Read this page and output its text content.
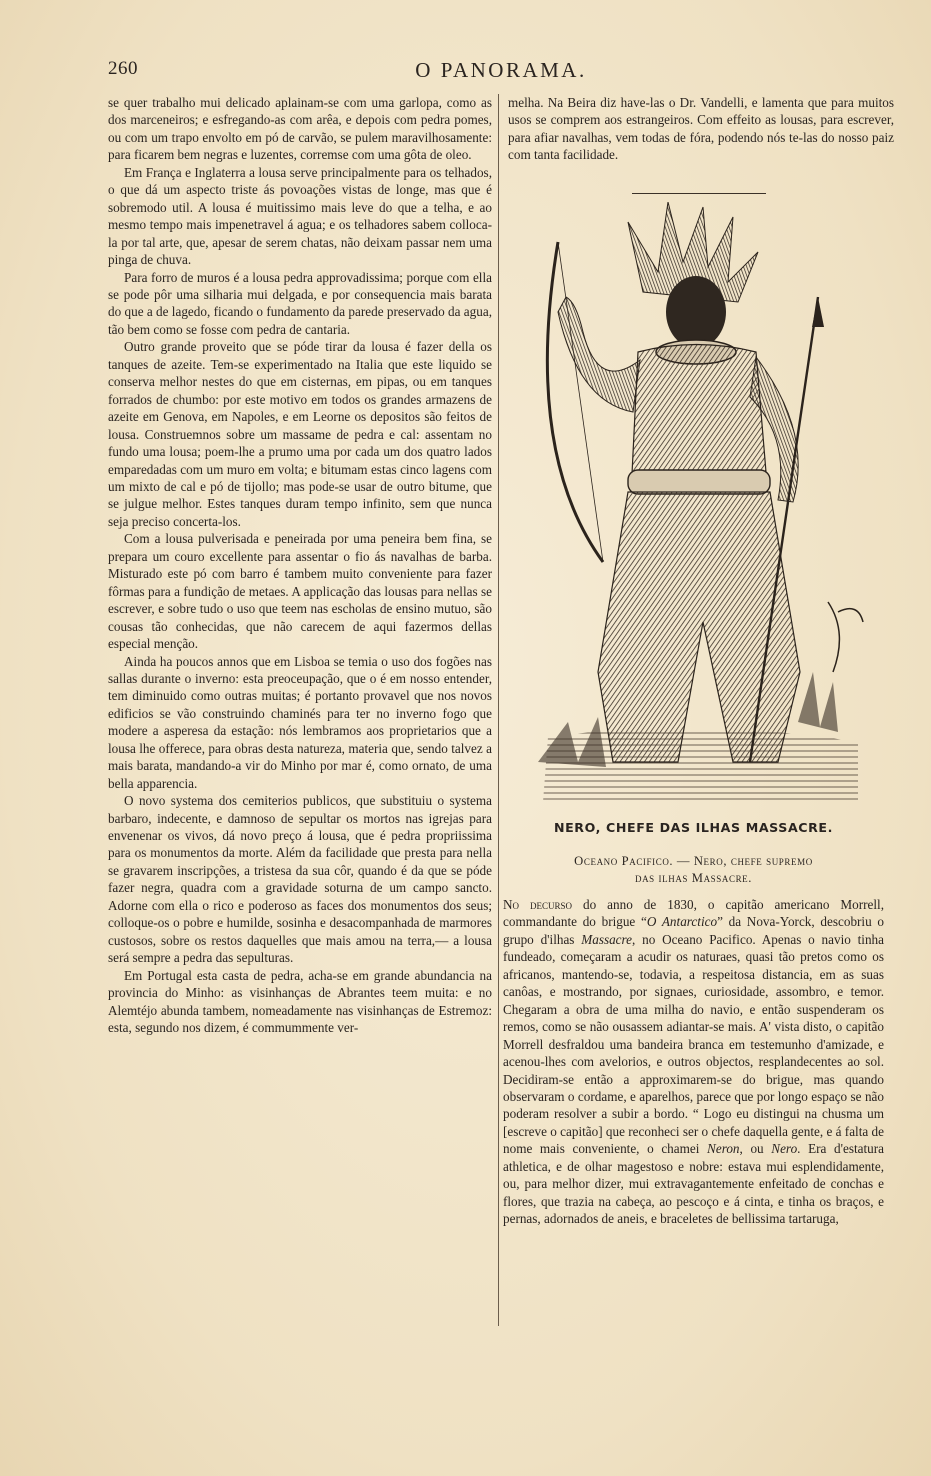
260	O PANORAMA.

se quer trabalho mui delicado aplainam-se com uma garlopa, como as dos marceneiros; e esfregando-as com arêa, e depois com pedra pomes, ou com um trapo envolto em pó de carvão, se pulem maravilhosamente: para ficarem bem negras e luzentes, corremse com uma gôta de oleo.

Em França e Inglaterra a lousa serve principalmente para os telhados, o que dá um aspecto triste ás povoações vistas de longe, mas que é sobremodo util. A lousa é muitissimo mais leve do que a telha, e ao mesmo tempo mais impenetravel á agua; e os telhadores sabem colloca-la por tal arte, que, apesar de serem chatas, não deixam passar nem uma pinga de chuva.

Para forro de muros é a lousa pedra approvadissima; porque com ella se pode pôr uma silharia mui delgada, e por consequencia mais barata do que a de lagedo, ficando o fundamento da parede preservado da agua, tão bem como se fosse com pedra de cantaria.

Outro grande proveito que se póde tirar da lousa é fazer della os tanques de azeite. Tem-se experimentado na Italia que este liquido se conserva melhor nestes do que em cisternas, em pipas, ou em tanques forrados de chumbo: por este motivo em todos os grandes armazens de azeite em Genova, em Napoles, e em Leorne os depositos são feitos de lousa. Construemnos sobre um massame de pedra e cal: assentam no fundo uma lousa; poem-lhe a prumo uma por cada um dos quatro lados emparedadas com um muro em volta; e bitumam estas cinco lagens com um mixto de cal e pó de tijollo; mas pode-se usar de outro bitume, que se julgue melhor. Estes tanques duram tempo infinito, sem que nunca seja preciso concerta-los.

Com a lousa pulverisada e peneirada por uma peneira bem fina, se prepara um couro excellente para assentar o fio ás navalhas de barba. Misturado este pó com barro é tambem muito conveniente para fazer fôrmas para a fundição de metaes. A applicação das lousas para nellas se escrever, e sobre tudo o uso que teem nas escholas de ensino mutuo, são cousas tão conhecidas, que não carecem de aqui fazermos dellas especial menção.

Ainda ha poucos annos que em Lisboa se temia o uso dos fogões nas sallas durante o inverno: esta preoceupação, que o é em nosso entender, tem diminuido como outras muitas; é portanto provavel que nos novos edificios se vão construindo chaminés para ter no inverno fogo que modere a asperesa da estação: nós lembramos aos proprietarios que a lousa lhe offerece, para obras desta natureza, materia que, sendo talvez a mais barata, mandando-a vir do Minho por mar é, como ornato, de uma bella apparencia.

O novo systema dos cemiterios publicos, que substituiu o systema barbaro, indecente, e damnoso de sepultar os mortos nas igrejas para envenenar os vivos, dá novo preço á lousa, que é pedra propriissima para os monumentos da morte. Além da facilidade que presta para nella se gravarem inscripções, a tristesa da sua côr, quando é da que se póde fazer negra, quadra com a gravidade soturna de um campo sancto. Adorne com ella o rico e poderoso as faces dos monumentos dos seus; colloque-os o pobre e humilde, sosinha e desacompanhada de marmores custosos, sobre os restos daquelles que mais amou na terra,— a lousa será sempre a pedra das sepulturas.

Em Portugal esta casta de pedra, acha-se em grande abundancia na provincia do Minho: as visinhanças de Abrantes teem muita: e no Alemtéjo abunda tambem, nomeadamente nas visinhanças de Estremoz: esta, segundo nos dizem, é commummente ver-

melha. Na Beira diz have-las o Dr. Vandelli, e lamenta que para muitos usos se comprem aos estrangeiros. Com effeito as lousas, para escrever, para afiar navalhas, vem todas de fóra, podendo nós te-las do nosso paiz com tanta facilidade.

NERO, CHEFE DAS ILHAS MASSACRE.
Oceano Pacifico. — Nero, chefe supremo
das ilhas Massacre.

No decurso do anno de 1830, o capitão americano Morrell, commandante do brigue “O Antarctico” da Nova-Yorck, descobriu o grupo d'ilhas Massacre, no Oceano Pacifico. Apenas o navio tinha fundeado, começaram a acudir os naturaes, quasi tão pretos como os africanos, mantendo-se, todavia, a respeitosa distancia, em as suas canôas, e mostrando, por signaes, curiosidade, assombro, e temor. Chegaram a obra de uma milha do navio, e então suspenderam os remos, como se não ousassem adiantar-se mais. A' vista disto, o capitão Morrell desfraldou uma bandeira branca em testemunho d'amizade, e acenou-lhes com avelorios, e outros objectos, resplandecentes ao sol. Decidiram-se então a approximarem-se do brigue, mas quando observaram o cordame, e aparelhos, parece que por longo espaço se não poderam resolver a subir a bordo. “ Logo eu distingui na chusma um [escreve o capitão] que reconheci ser o chefe daquella gente, e á falta de nome mais conveniente, o chamei Neron, ou Nero. Era d'estatura athletica, e de olhar magestoso e nobre: estava mui esplendidamente, ou, para melhor dizer, mui extravagantemente enfeitado de conchas e flores, que trazia na cabeça, ao pescoço e á cinta, e tinha os braços, e pernas, adornados de aneis, e braceletes de bellissima tartaruga,
